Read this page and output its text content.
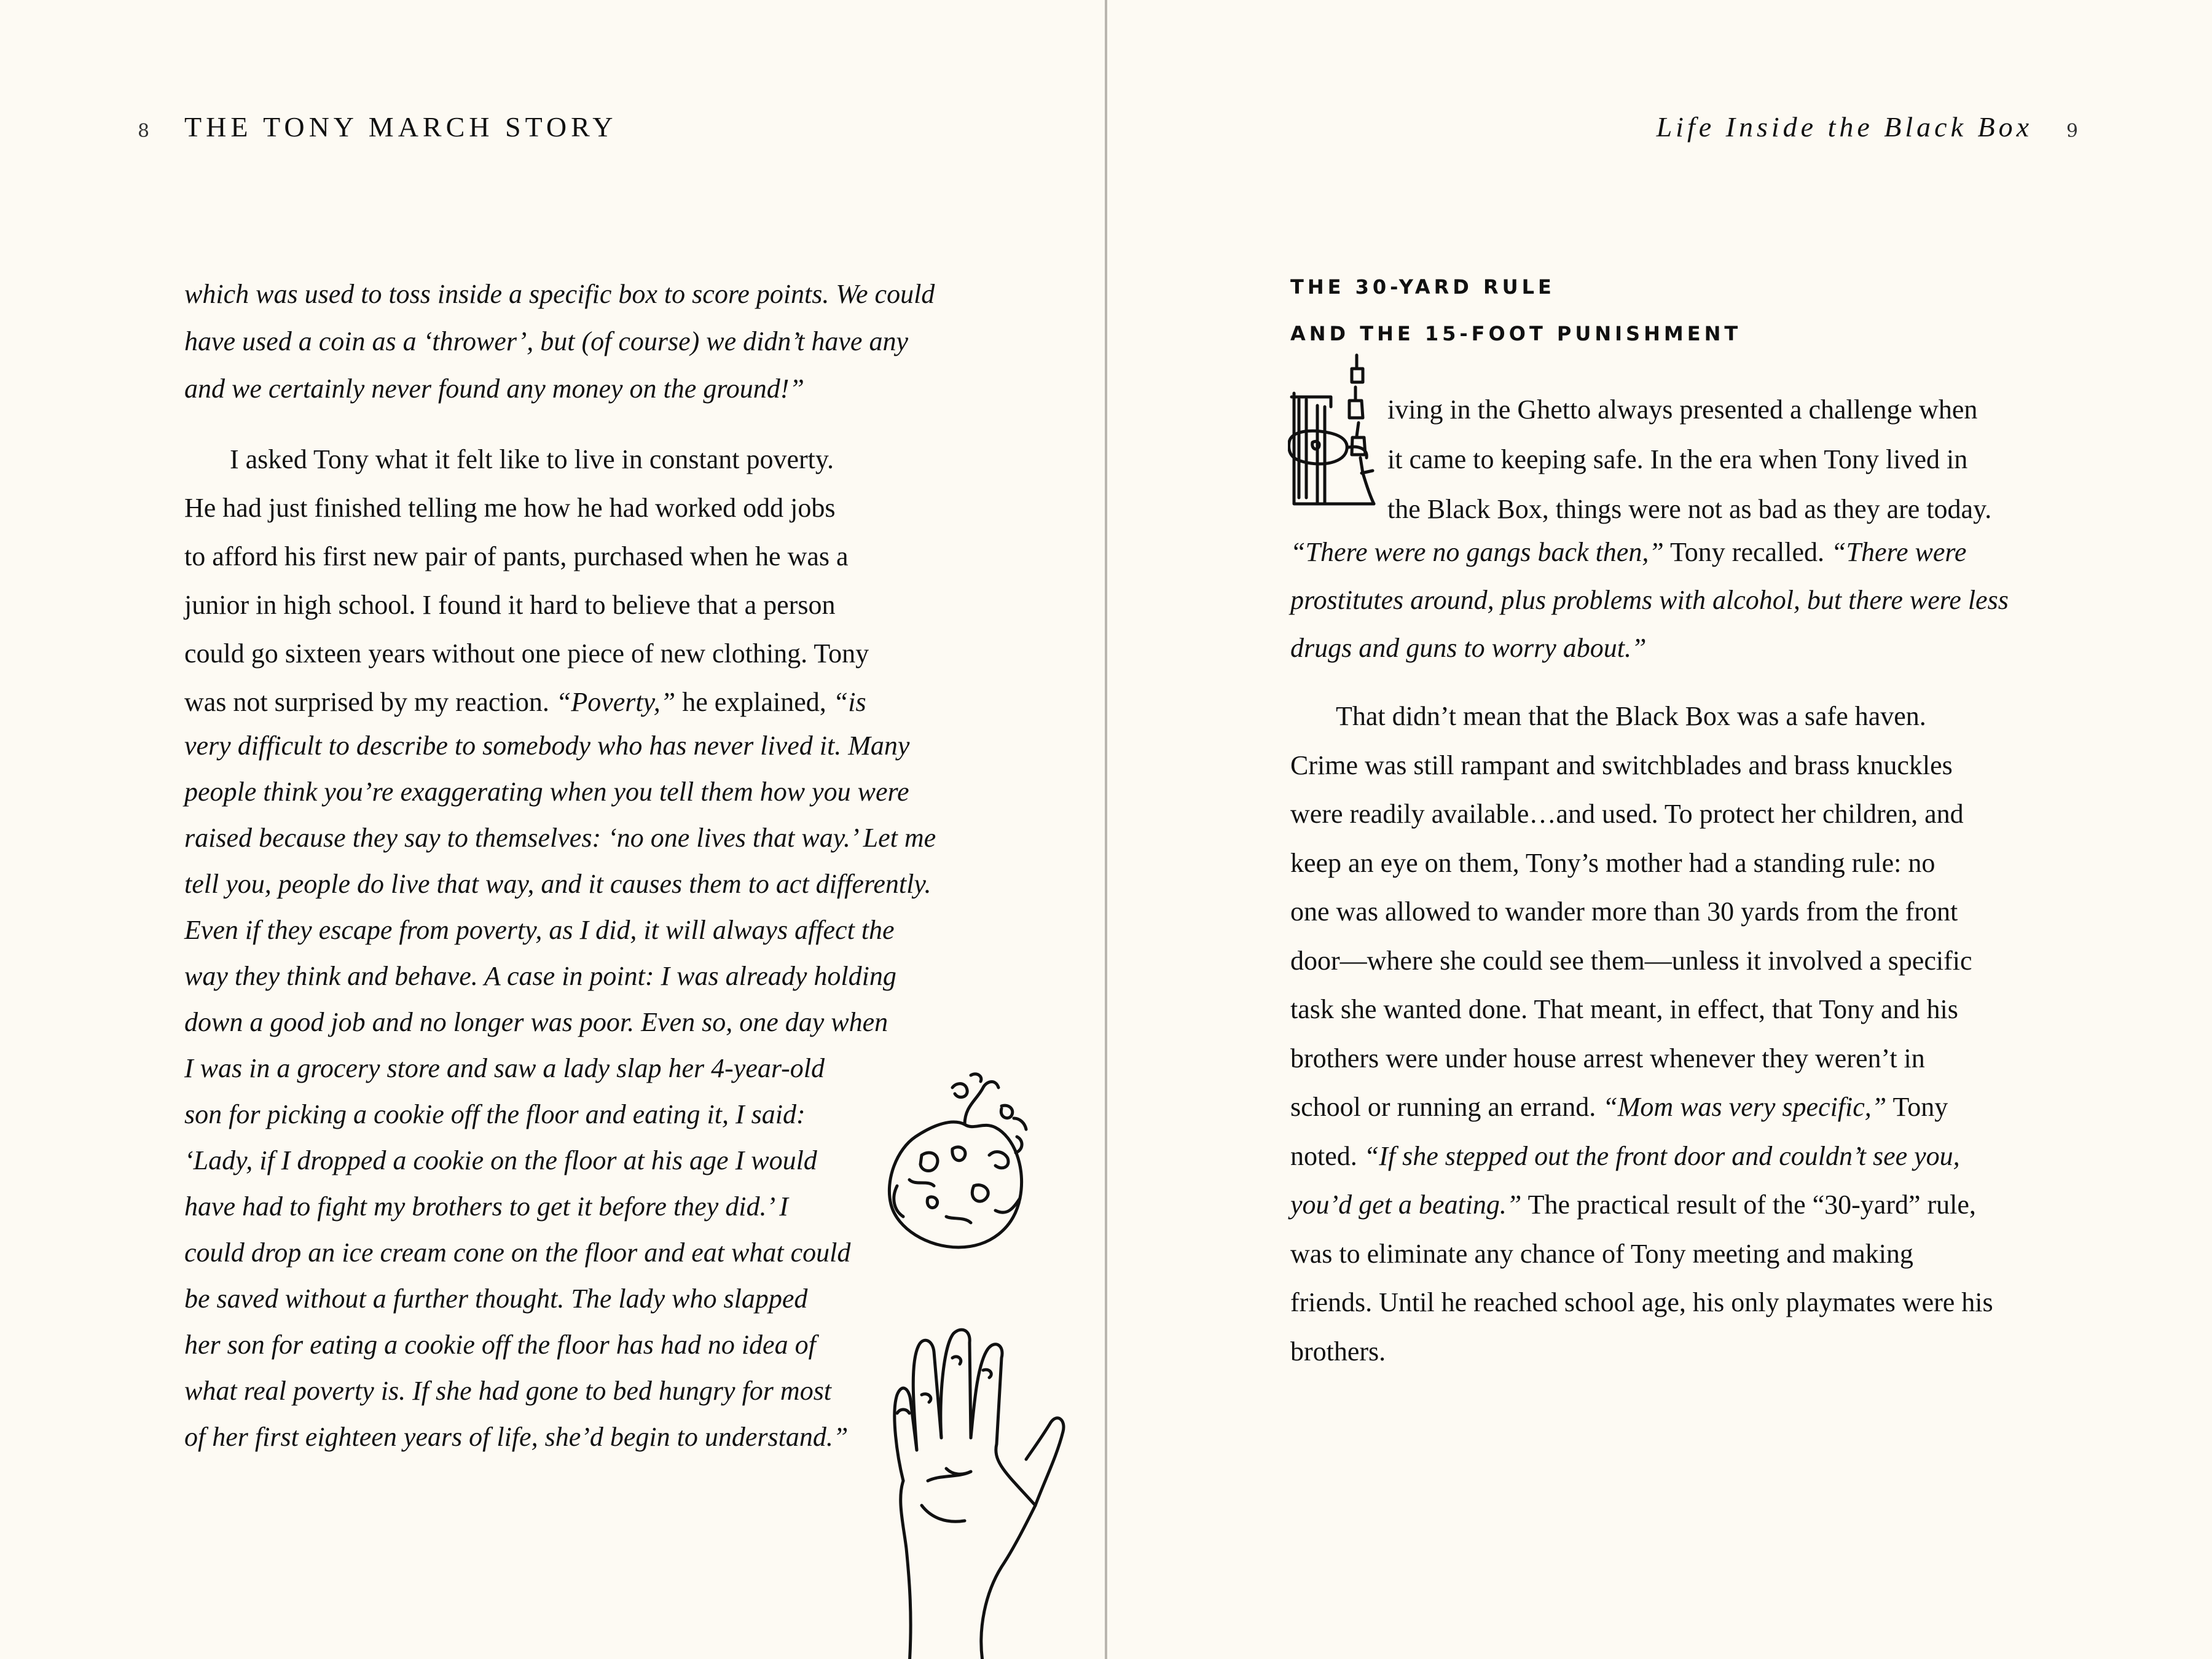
8 THE TONY MARCH STORY
which was used to toss inside a specific box to score points. We could
have used a coin as a ‘thrower’, but (of course) we didn’t have any
and we certainly never found any money on the ground!”
I asked Tony what it felt like to live in constant poverty.
He had just finished telling me how he had worked odd jobs
to afford his first new pair of pants, purchased when he was a
junior in high school. I found it hard to believe that a person
could go sixteen years without one piece of new clothing. Tony
was not surprised by my reaction. “Poverty,” he explained, “is
very difficult to describe to somebody who has never lived it. Many
people think you’re exaggerating when you tell them how you were
raised because they say to themselves: ‘no one lives that way.’ Let me
tell you, people do live that way, and it causes them to act differently.
Even if they escape from poverty, as I did, it will always affect the
way they think and behave. A case in point: I was already holding
down a good job and no longer was poor. Even so, one day when
I was in a grocery store and saw a lady slap her 4-year-old
son for picking a cookie off the floor and eating it, I said:
‘Lady, if I dropped a cookie on the floor at his age I would
have had to fight my brothers to get it before they did.’ I
could drop an ice cream cone on the floor and eat what could
be saved without a further thought. The lady who slapped
her son for eating a cookie off the floor has had no idea of
what real poverty is. If she had gone to bed hungry for most
of her first eighteen years of life, she’d begin to understand.”
Life Inside the Black Box 9
THE 30-YARD RULE
AND THE 15-FOOT PUNISHMENT
iving in the Ghetto always presented a challenge when
it came to keeping safe. In the era when Tony lived in
the Black Box, things were not as bad as they are today.
“There were no gangs back then,” Tony recalled. “There were
prostitutes around, plus problems with alcohol, but there were less
drugs and guns to worry about.”
That didn’t mean that the Black Box was a safe haven.
Crime was still rampant and switchblades and brass knuckles
were readily available…and used. To protect her children, and
keep an eye on them, Tony’s mother had a standing rule: no
one was allowed to wander more than 30 yards from the front
door—where she could see them—unless it involved a specific
task she wanted done. That meant, in effect, that Tony and his
brothers were under house arrest whenever they weren’t in
school or running an errand. “Mom was very specific,” Tony
noted. “If she stepped out the front door and couldn’t see you,
you’d get a beating.” The practical result of the “30-yard” rule,
was to eliminate any chance of Tony meeting and making
friends. Until he reached school age, his only playmates were his
brothers.
